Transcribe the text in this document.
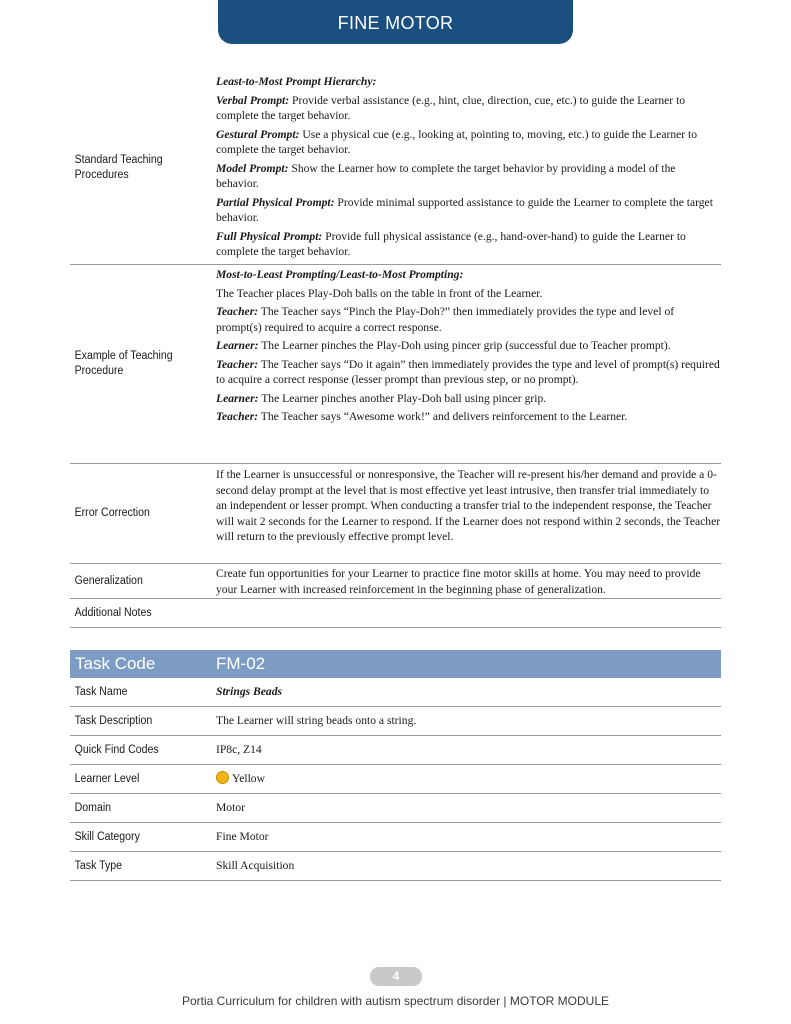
FINE MOTOR
Standard Teaching Procedures

Least-to-Most Prompt Hierarchy:

Verbal Prompt: Provide verbal assistance (e.g., hint, clue, direction, cue, etc.) to guide the Learner to complete the target behavior.

Gestural Prompt: Use a physical cue (e.g., looking at, pointing to, moving, etc.) to guide the Learner to complete the target behavior.

Model Prompt: Show the Learner how to complete the target behavior by providing a model of the behavior.

Partial Physical Prompt: Provide minimal supported assistance to guide the Learner to complete the target behavior.

Full Physical Prompt: Provide full physical assistance (e.g., hand-over-hand) to guide the Learner to complete the target behavior.

Example of Teaching Procedure

Most-to-Least Prompting/Least-to-Most Prompting:

The Teacher places Play-Doh balls on the table in front of the Learner.

Teacher: The Teacher says “Pinch the Play-Doh?” then immediately provides the type and level of prompt(s) required to acquire a correct response.

Learner: The Learner pinches the Play-Doh using pincer grip (successful due to Teacher prompt).

Teacher: The Teacher says “Do it again” then immediately provides the type and level of prompt(s) required to acquire a correct response (lesser prompt than previous step, or no prompt).

Learner: The Learner pinches another Play-Doh ball using pincer grip.

Teacher: The Teacher says “Awesome work!” and delivers reinforcement to the Learner.

Error Correction
If the Learner is unsuccessful or nonresponsive, the Teacher will re-present his/her demand and provide a 0-second delay prompt at the level that is most effective yet least intrusive, then transfer trial immediately to an independent or lesser prompt. When conducting a transfer trial to the independent response, the Teacher will wait 2 seconds for the Learner to respond. If the Learner does not respond within 2 seconds, the Teacher will return to the previously effective prompt level.
Generalization
Create fun opportunities for your Learner to practice fine motor skills at home. You may need to provide your Learner with increased reinforcement in the beginning phase of generalization.
Additional Notes
Task Code	FM-02
Task Name	Strings Beads
Task Description	The Learner will string beads onto a string.
Quick Find Codes	IP8c, Z14
Learner Level	Yellow
Domain	Motor
Skill Category	Fine Motor
Task Type	Skill Acquisition
4
Portia Curriculum for children with autism spectrum disorder | MOTOR MODULE
